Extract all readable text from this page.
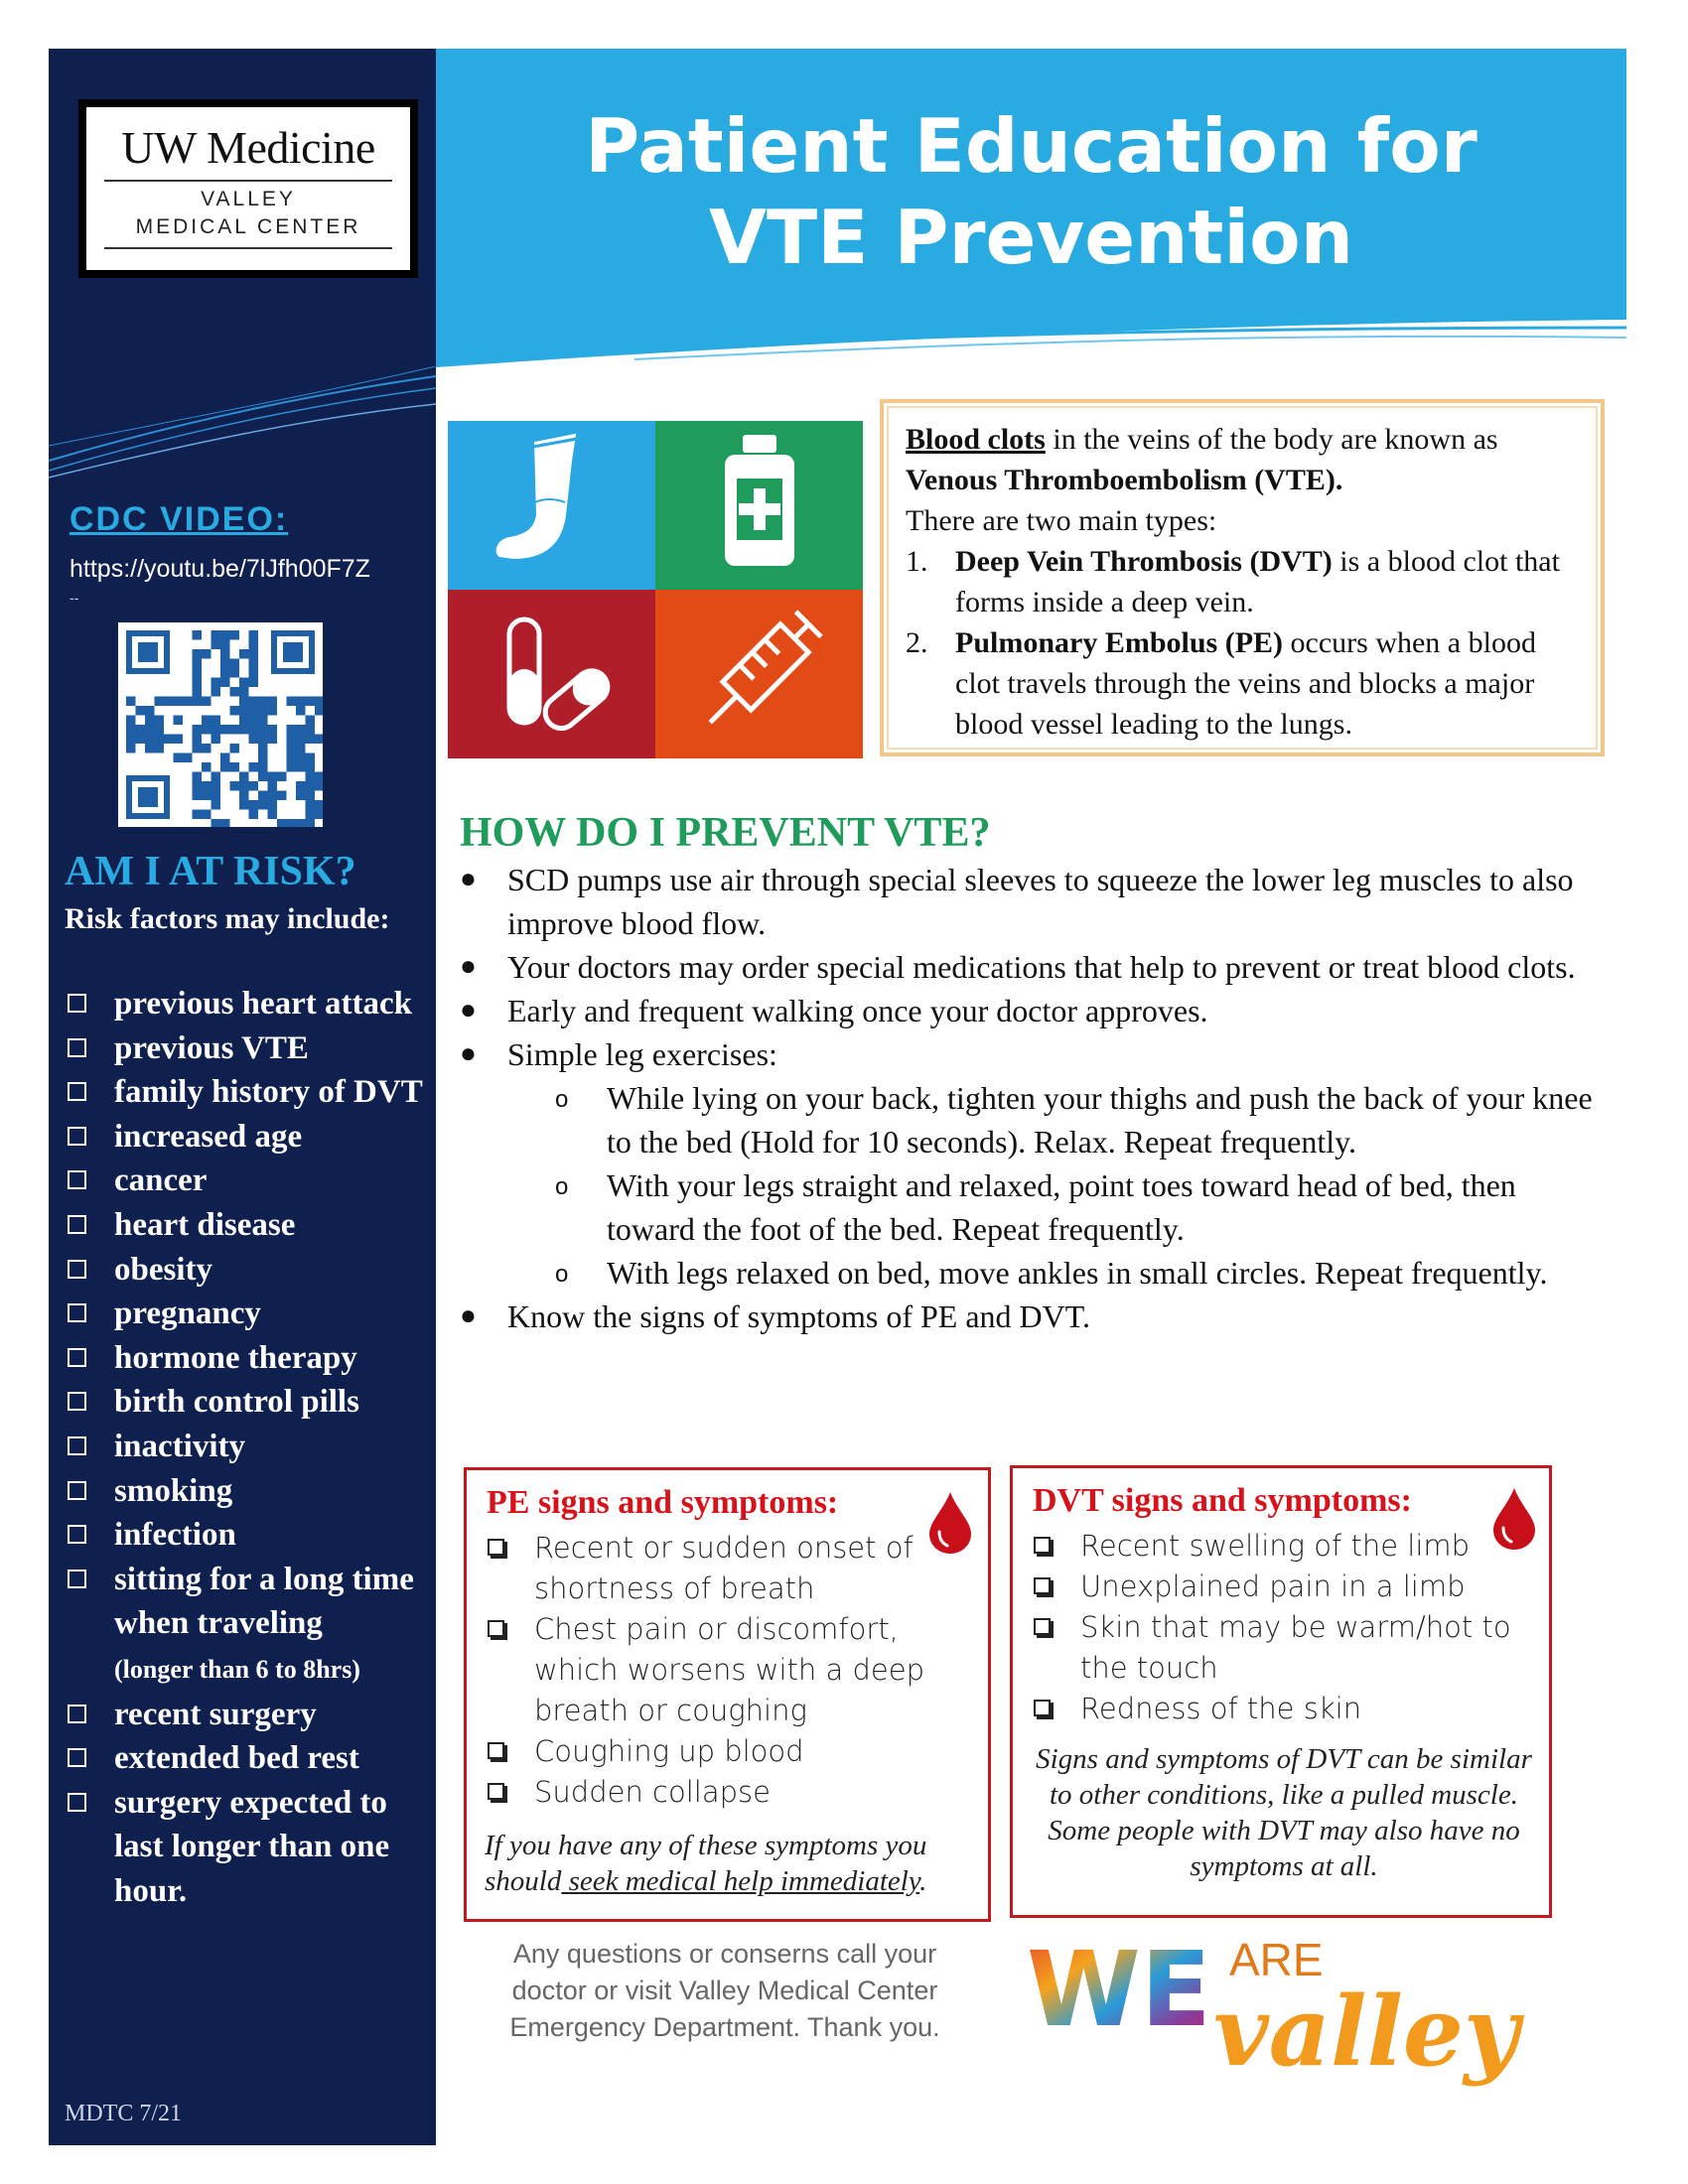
UW Medicine
VALLEY
MEDICAL CENTER
CDC VIDEO:
https://youtu.be/7lJfh00F7Z
--
AM I AT RISK?
Risk factors may include:
previous heart attack
previous VTE
family history of DVT
increased age
cancer
heart disease
obesity
pregnancy
hormone therapy
birth control pills
inactivity
smoking
infection
sitting for a long time when traveling
(longer than 6 to 8hrs)
recent surgery
extended bed rest
surgery expected to last longer than one hour.
MDTC 7/21
Patient Education for
VTE Prevention
Blood clots in the veins of the body are known as Venous Thromboembolism (VTE).
There are two main types:
1. Deep Vein Thrombosis (DVT) is a blood clot that forms inside a deep vein.
2. Pulmonary Embolus (PE) occurs when a blood clot travels through the veins and blocks a major blood vessel leading to the lungs.
HOW DO I PREVENT VTE?
● SCD pumps use air through special sleeves to squeeze the lower leg muscles to also improve blood flow.
● Your doctors may order special medications that help to prevent or treat blood clots.
● Early and frequent walking once your doctor approves.
● Simple leg exercises:
o While lying on your back, tighten your thighs and push the back of your knee to the bed (Hold for 10 seconds). Relax. Repeat frequently.
o With your legs straight and relaxed, point toes toward head of bed, then toward the foot of the bed. Repeat frequently.
o With legs relaxed on bed, move ankles in small circles. Repeat frequently.
● Know the signs of symptoms of PE and DVT.
PE signs and symptoms:
Recent or sudden onset of shortness of breath
Chest pain or discomfort, which worsens with a deep breath or coughing
Coughing up blood
Sudden collapse
If you have any of these symptoms you should seek medical help immediately.
DVT signs and symptoms:
Recent swelling of the limb
Unexplained pain in a limb
Skin that may be warm/hot to the touch
Redness of the skin
Signs and symptoms of DVT can be similar to other conditions, like a pulled muscle. Some people with DVT may also have no symptoms at all.
Any questions or conserns call your
doctor or visit Valley Medical Center
Emergency Department. Thank you. WE ARE
valley
